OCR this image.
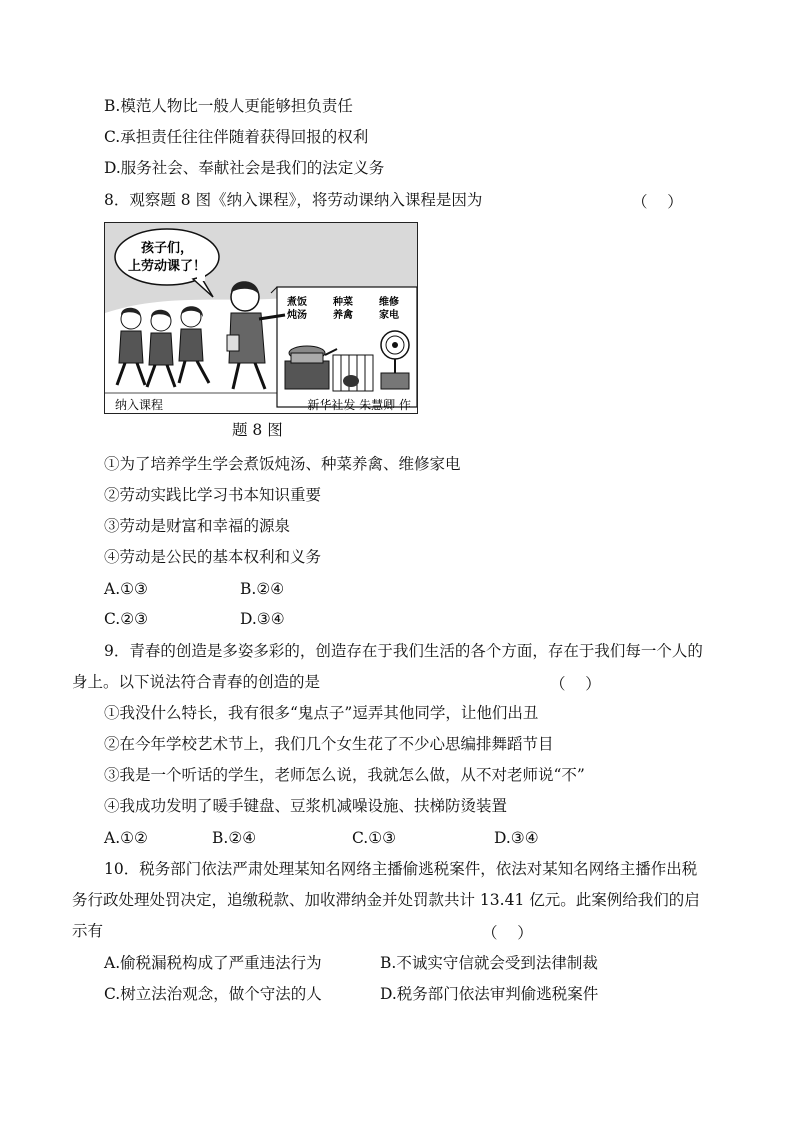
B.模范人物比一般人更能够担负责任
C.承担责任往往伴随着获得回报的权利
D.服务社会、奉献社会是我们的法定义务
8．观察题 8 图《纳入课程》，将劳动课纳入课程是因为	（    ）
孩子们，
上劳动课了！
煮饭
炖汤
种菜
养禽
维修
家电
纳入课程	新华社发 朱慧卿 作
题 8 图
①为了培养学生学会煮饭炖汤、种菜养禽、维修家电
②劳动实践比学习书本知识重要
③劳动是财富和幸福的源泉
④劳动是公民的基本权利和义务
A.①③	B.②④
C.②③	D.③④
9．青春的创造是多姿多彩的，创造存在于我们生活的各个方面，存在于我们每一个人的
身上。以下说法符合青春的创造的是	（    ）
①我没什么特长，我有很多“鬼点子”逗弄其他同学，让他们出丑
②在今年学校艺术节上，我们几个女生花了不少心思编排舞蹈节目
③我是一个听话的学生，老师怎么说，我就怎么做，从不对老师说“不”
④我成功发明了暖手键盘、豆浆机减噪设施、扶梯防烫装置
A.①②	B.②④	C.①③	D.③④
10．税务部门依法严肃处理某知名网络主播偷逃税案件，依法对某知名网络主播作出税
务行政处理处罚决定，追缴税款、加收滞纳金并处罚款共计 13.41 亿元。此案例给我们的启
示有	（    ）
A.偷税漏税构成了严重违法行为	B.不诚实守信就会受到法律制裁
C.树立法治观念，做个守法的人	D.税务部门依法审判偷逃税案件
